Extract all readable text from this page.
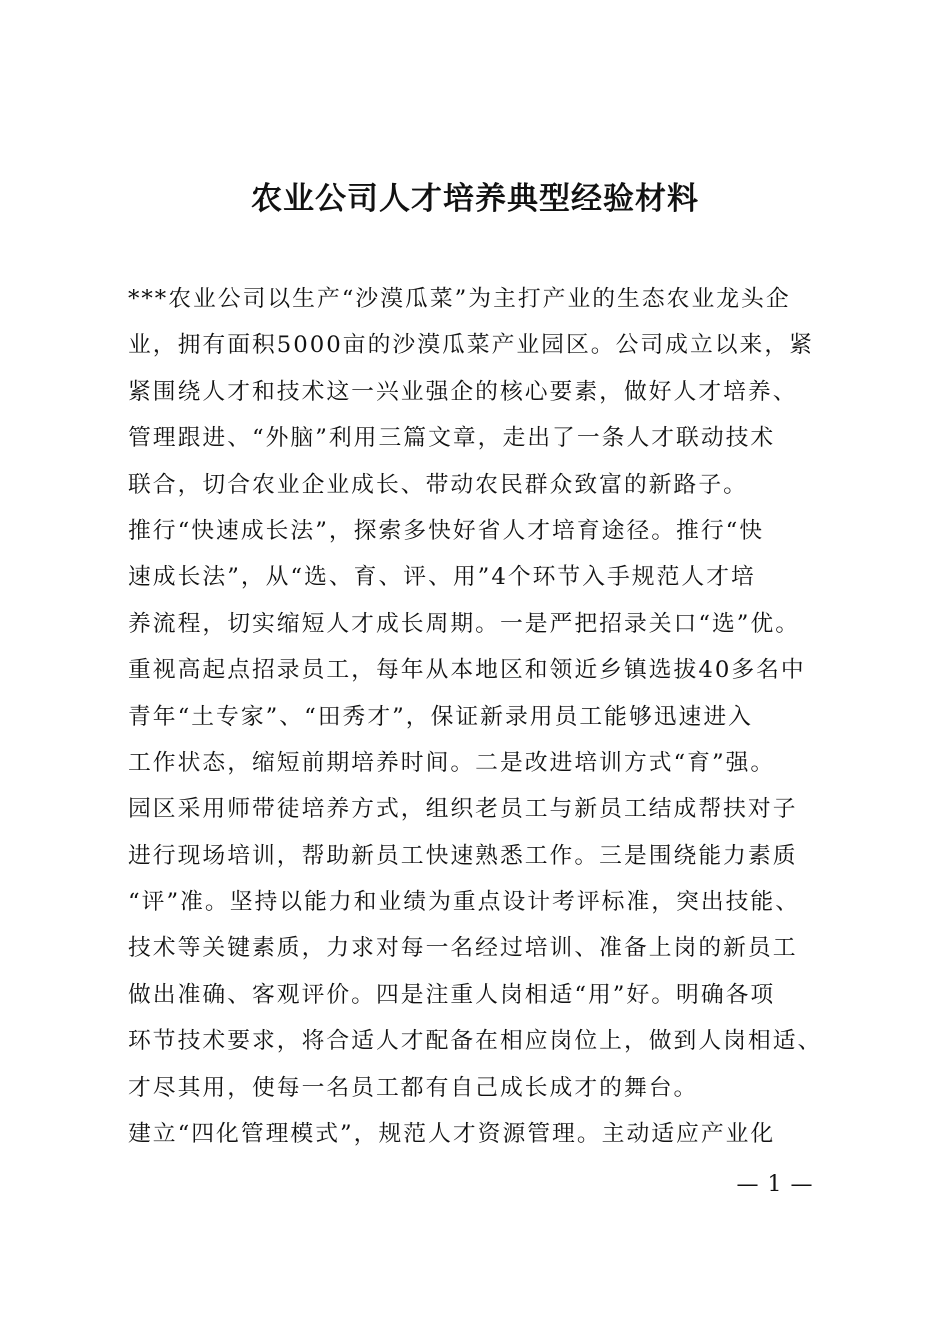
农业公司人才培养典型经验材料
***农业公司以生产“沙漠瓜菜”为主打产业的生态农业龙头企
业，拥有面积5000亩的沙漠瓜菜产业园区。公司成立以来，紧
紧围绕人才和技术这一兴业强企的核心要素，做好人才培养、
管理跟进、“外脑”利用三篇文章，走出了一条人才联动技术
联合，切合农业企业成长、带动农民群众致富的新路子。
推行“快速成长法”，探索多快好省人才培育途径。推行“快
速成长法”，从“选、育、评、用”4个环节入手规范人才培
养流程，切实缩短人才成长周期。一是严把招录关口“选”优。
重视高起点招录员工，每年从本地区和领近乡镇选拔40多名中
青年“土专家”、“田秀才”，保证新录用员工能够迅速进入
工作状态，缩短前期培养时间。二是改进培训方式“育”强。
园区采用师带徒培养方式，组织老员工与新员工结成帮扶对子
进行现场培训，帮助新员工快速熟悉工作。三是围绕能力素质
“评”准。坚持以能力和业绩为重点设计考评标准，突出技能、
技术等关键素质，力求对每一名经过培训、准备上岗的新员工
做出准确、客观评价。四是注重人岗相适“用”好。明确各项
环节技术要求，将合适人才配备在相应岗位上，做到人岗相适、
才尽其用，使每一名员工都有自己成长成才的舞台。
建立“四化管理模式”，规范人才资源管理。主动适应产业化
— 1 —
